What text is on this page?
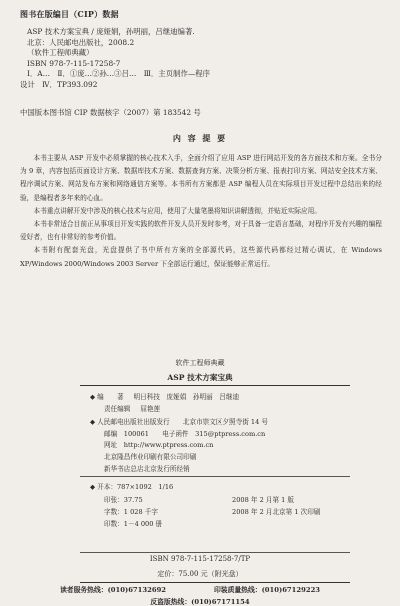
图书在版编目（CIP）数据
ASP 技术方案宝典 / 庞娅娟，孙明丽，吕继迪编著.
北京：人民邮电出版社，2008.2
（软件工程师典藏）
ISBN 978-7-115-17258-7
Ⅰ．A…　Ⅱ．①庞…②孙…③吕…　Ⅲ．主页制作—程序
设计　Ⅳ．TP393.092
中国版本图书馆 CIP 数据核字（2007）第 183542 号
内 容 提 要

本书主要从 ASP 开发中必须掌握的核心技术入手，全面介绍了应用 ASP 进行网站开发的各方面技术和方案。全书分为 9 章，内容包括页面设计方案、数据库技术方案、数据查询方案、决策分析方案、报表打印方案、网站安全技术方案、程序调试方案、网站发布方案和网络通信方案等。本书所有方案都是 ASP 编程人员在实际项目开发过程中总结出来的经验，是编程者多年来的心血。

本书重点讲解开发中涉及的核心技术与应用，使用了大量笔墨将知识讲解透彻，并贴近实际应用。

本书非常适合目前正从事项目开发实践的软件开发人员开发时参考，对于具备一定语言基础，对程序开发有兴趣的编程爱好者，也有非常好的参考价值。

本书附有配套光盘，光盘提供了书中所有方案的全部源代码，这些源代码都经过精心调试，在 Windows XP/Windows 2000/Windows 2003 Server 下全部运行通过，保证能够正常运行。

软件工程师典藏
ASP 技术方案宝典
◆ 编　　著 明日科技　庞娅娟　孙明丽　吕继迪
责任编辑 屈艳莲
◆ 人民邮电出版社出版发行　　北京市崇文区夕照寺街 14 号
邮编　100061　　电子函件　315@ptpress.com.cn
网址　http://www.ptpress.com.cn
北京隆昌伟业印刷有限公司印刷
新华书店总店北京发行所经销
◆ 开本：787×1092　1/16
印张：37.75	2008 年 2 月第 1 版
字数：1 028 千字	2008 年 2 月北京第 1 次印刷
印数：1－4 000 册
ISBN 978-7-115-17258-7/TP
定价：75.00 元（附光盘）
读者服务热线：(010)67132692	印装质量热线：(010)67129223
反盗版热线：(010)67171154
